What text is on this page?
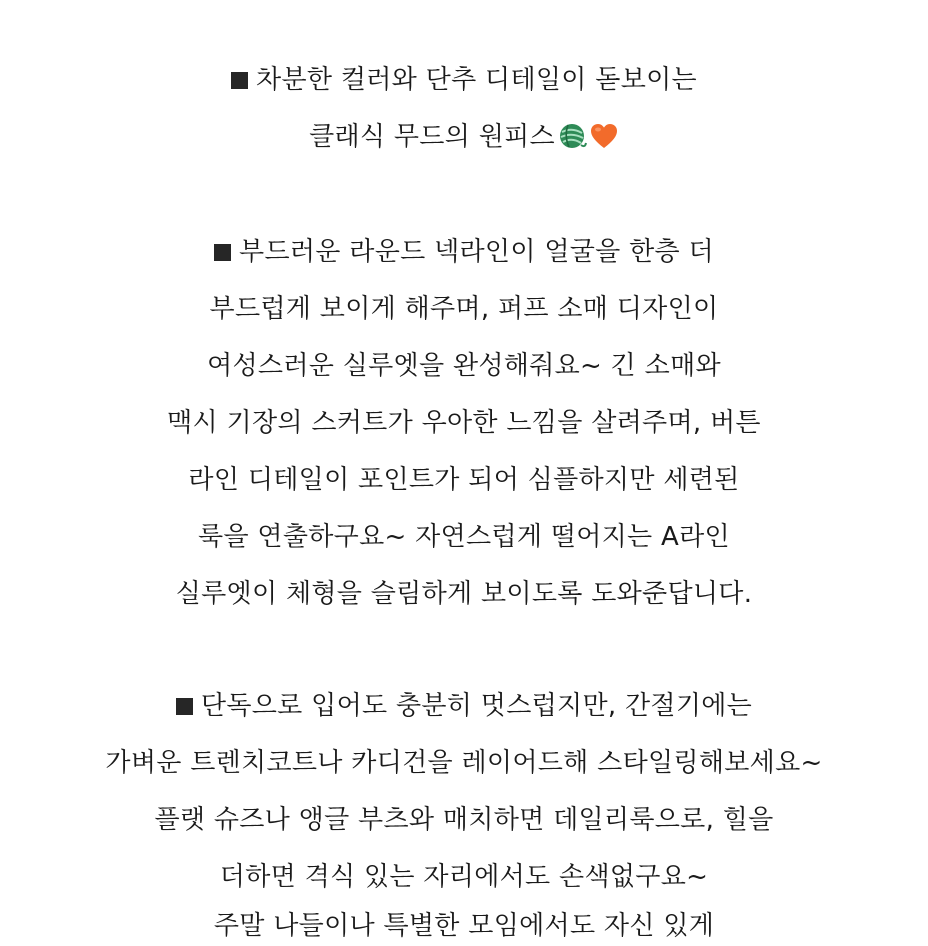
차분한 컬러와 단추 디테일이 돋보이는
클래식 무드의 원피스
부드러운 라운드 넥라인이 얼굴을 한층 더
부드럽게 보이게 해주며, 퍼프 소매 디자인이
여성스러운 실루엣을 완성해줘요~ 긴 소매와
맥시 기장의 스커트가 우아한 느낌을 살려주며, 버튼
라인 디테일이 포인트가 되어 심플하지만 세련된
룩을 연출하구요~ 자연스럽게 떨어지는 A라인
실루엣이 체형을 슬림하게 보이도록 도와준답니다.
단독으로 입어도 충분히 멋스럽지만, 간절기에는
가벼운 트렌치코트나 카디건을 레이어드해 스타일링해보세요~
플랫 슈즈나 앵글 부츠와 매치하면 데일리룩으로, 힐을
더하면 격식 있는 자리에서도 손색없구요~
주말 나들이나 특별한 모임에서도 자신 있게
